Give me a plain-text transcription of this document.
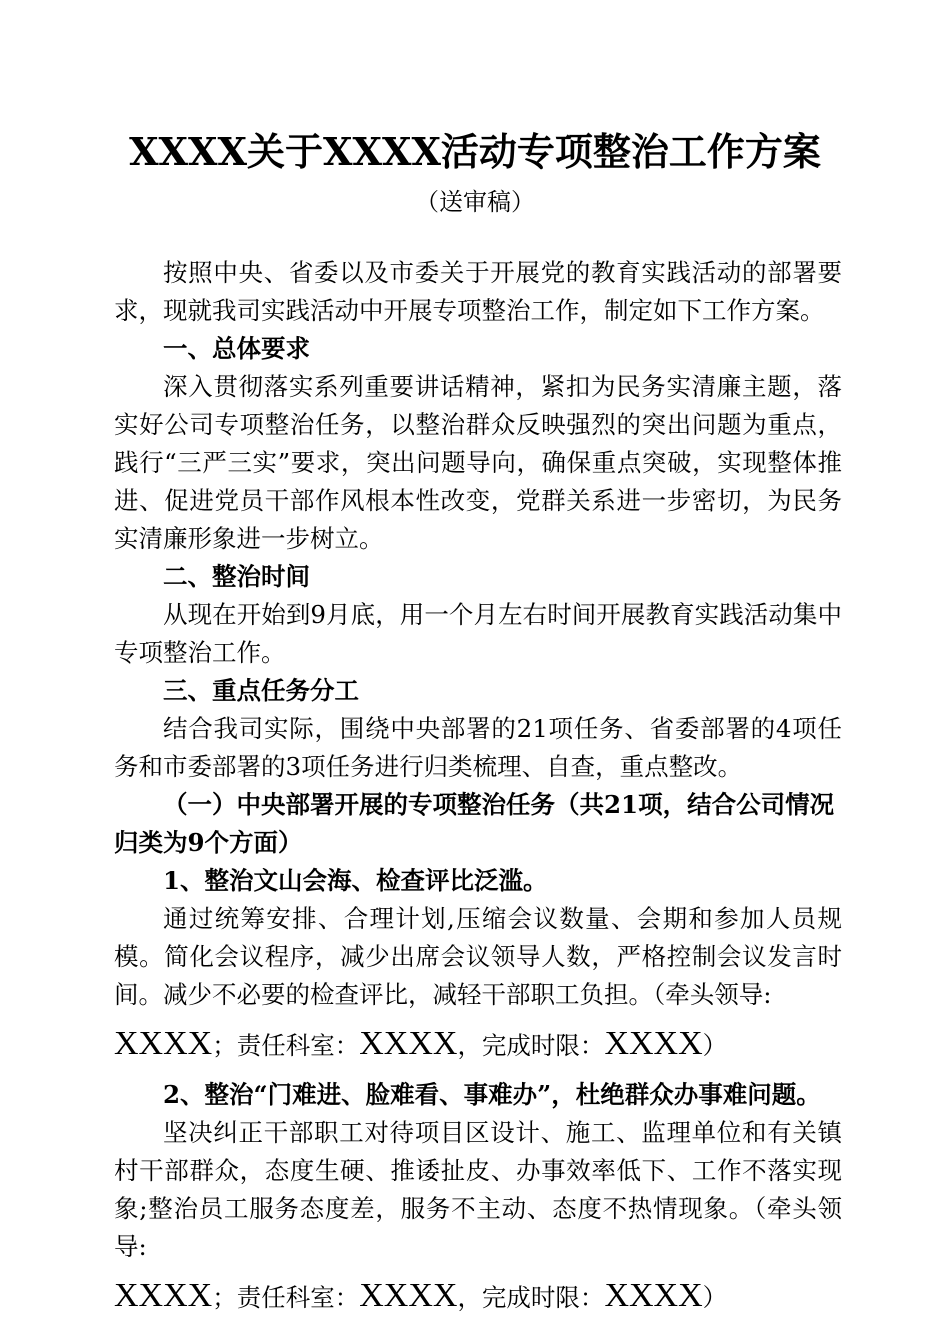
XXXX关于XXXX活动专项整治工作方案
（送审稿）

按照中央、省委以及市委关于开展党的教育实践活动的部署要求，现就我司实践活动中开展专项整治工作，制定如下工作方案。

一、总体要求

深入贯彻落实系列重要讲话精神，紧扣为民务实清廉主题，落实好公司专项整治任务，以整治群众反映强烈的突出问题为重点，践行“三严三实”要求，突出问题导向，确保重点突破，实现整体推进、促进党员干部作风根本性改变，党群关系进一步密切，为民务实清廉形象进一步树立。

二、整治时间

从现在开始到9月底，用一个月左右时间开展教育实践活动集中专项整治工作。

三、重点任务分工

结合我司实际，围绕中央部署的21项任务、省委部署的4项任务和市委部署的3项任务进行归类梳理、自查，重点整改。

（一）中央部署开展的专项整治任务（共21项，结合公司情况归类为9个方面）

1、整治文山会海、检查评比泛滥。

通过统筹安排、合理计划,压缩会议数量、会期和参加人员规模。简化会议程序，减少出席会议领导人数，严格控制会议发言时间。减少不必要的检查评比，减轻干部职工负担。（牵头领导:

XXXX；责任科室：XXXX，完成时限：XXXX）

2、整治“门难进、脸难看、事难办”，杜绝群众办事难问题。

坚决纠正干部职工对待项目区设计、施工、监理单位和有关镇村干部群众，态度生硬、推诿扯皮、办事效率低下、工作不落实现象;整治员工服务态度差，服务不主动、态度不热情现象。（牵头领导:

XXXX；责任科室：XXXX，完成时限：XXXX）
